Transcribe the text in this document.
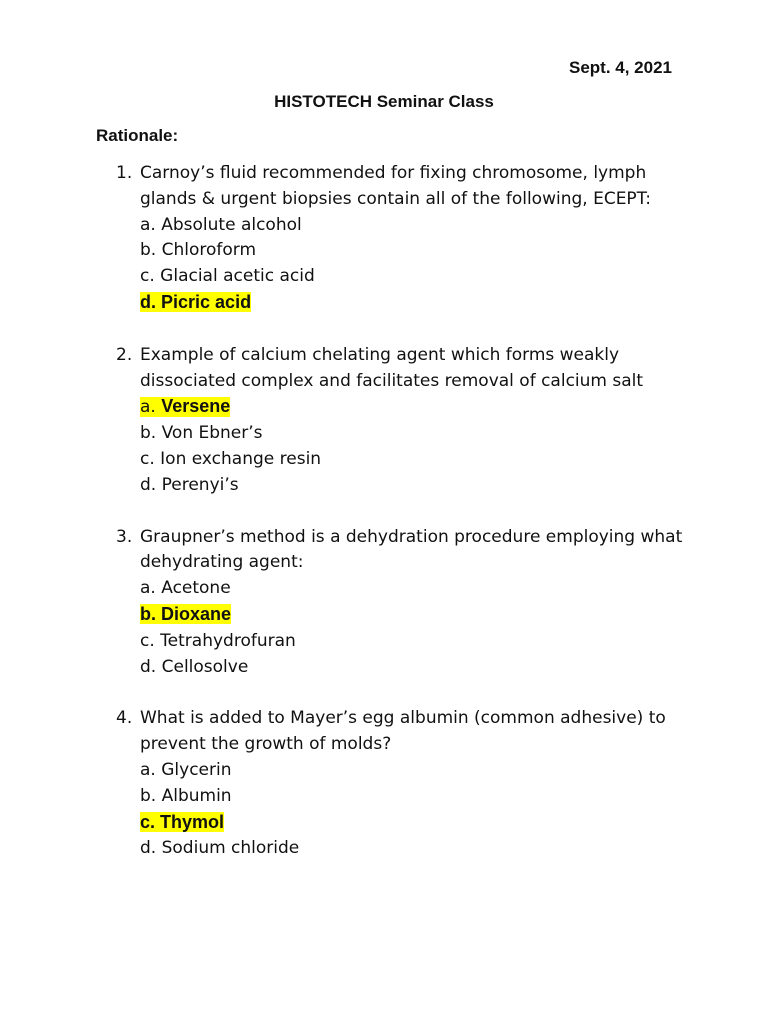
Sept. 4, 2021

HISTOTECH Seminar Class

Rationale:

1. Carnoy’s fluid recommended for fixing chromosome, lymph glands & urgent biopsies contain all of the following, ECEPT:

a. Absolute alcohol
b. Chloroform
c. Glacial acetic acid
d. Picric acid
2. Example of calcium chelating agent which forms weakly dissociated complex and facilitates removal of calcium salt

a. Versene
b. Von Ebner’s
c. Ion exchange resin
d. Perenyi’s
3. Graupner’s method is a dehydration procedure employing what dehydrating agent:

a. Acetone
b. Dioxane
c. Tetrahydrofuran
d. Cellosolve
4. What is added to Mayer’s egg albumin (common adhesive) to prevent the growth of molds?

a. Glycerin
b. Albumin
c. Thymol
d. Sodium chloride
